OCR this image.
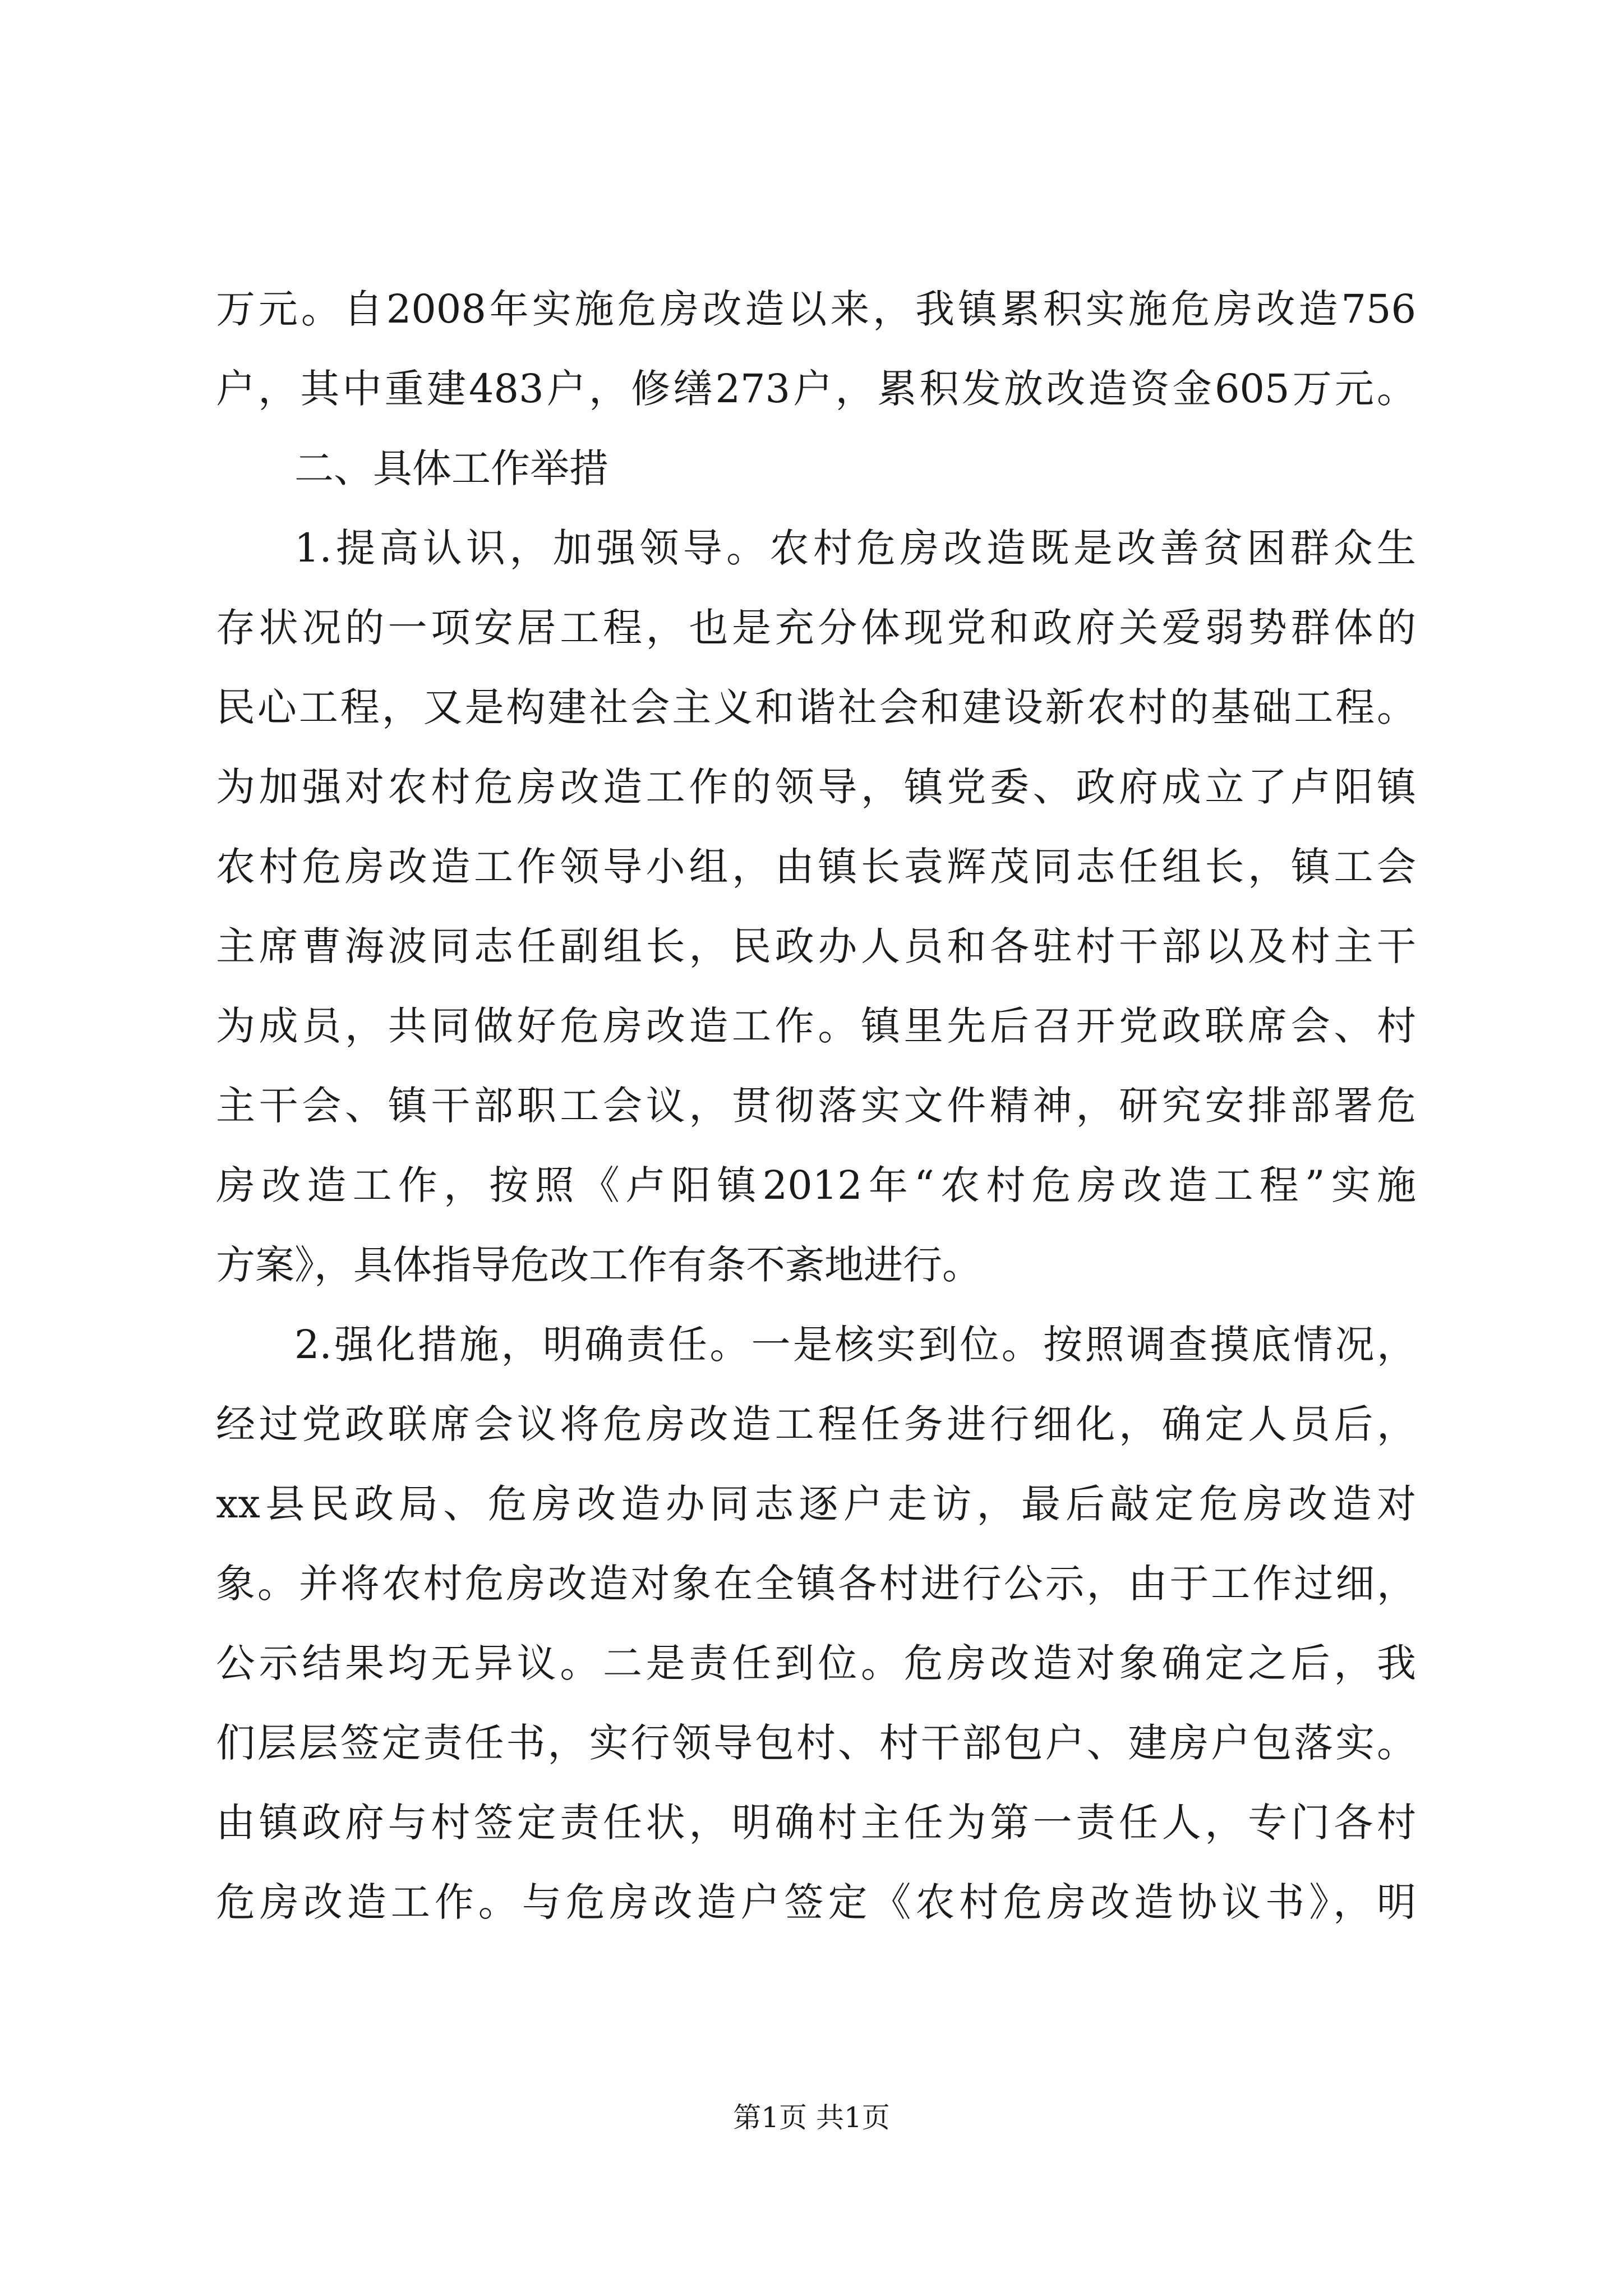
万元。自2008年实施危房改造以来，我镇累积实施危房改造756
户，其中重建483户，修缮273户，累积发放改造资金605万元。
二、具体工作举措
1.提高认识，加强领导。农村危房改造既是改善贫困群众生
存状况的一项安居工程，也是充分体现党和政府关爱弱势群体的
民心工程，又是构建社会主义和谐社会和建设新农村的基础工程。
为加强对农村危房改造工作的领导，镇党委、政府成立了卢阳镇
农村危房改造工作领导小组，由镇长袁辉茂同志任组长，镇工会
主席曹海波同志任副组长，民政办人员和各驻村干部以及村主干
为成员，共同做好危房改造工作。镇里先后召开党政联席会、村
主干会、镇干部职工会议，贯彻落实文件精神，研究安排部署危
房改造工作，按照《卢阳镇2012年“农村危房改造工程”实施
方案》，具体指导危改工作有条不紊地进行。
2.强化措施，明确责任。一是核实到位。按照调查摸底情况，
经过党政联席会议将危房改造工程任务进行细化，确定人员后，
xx县民政局、危房改造办同志逐户走访，最后敲定危房改造对
象。并将农村危房改造对象在全镇各村进行公示，由于工作过细，
公示结果均无异议。二是责任到位。危房改造对象确定之后，我
们层层签定责任书，实行领导包村、村干部包户、建房户包落实。
由镇政府与村签定责任状，明确村主任为第一责任人，专门各村
危房改造工作。与危房改造户签定《农村危房改造协议书》，明
第1页 共1页
